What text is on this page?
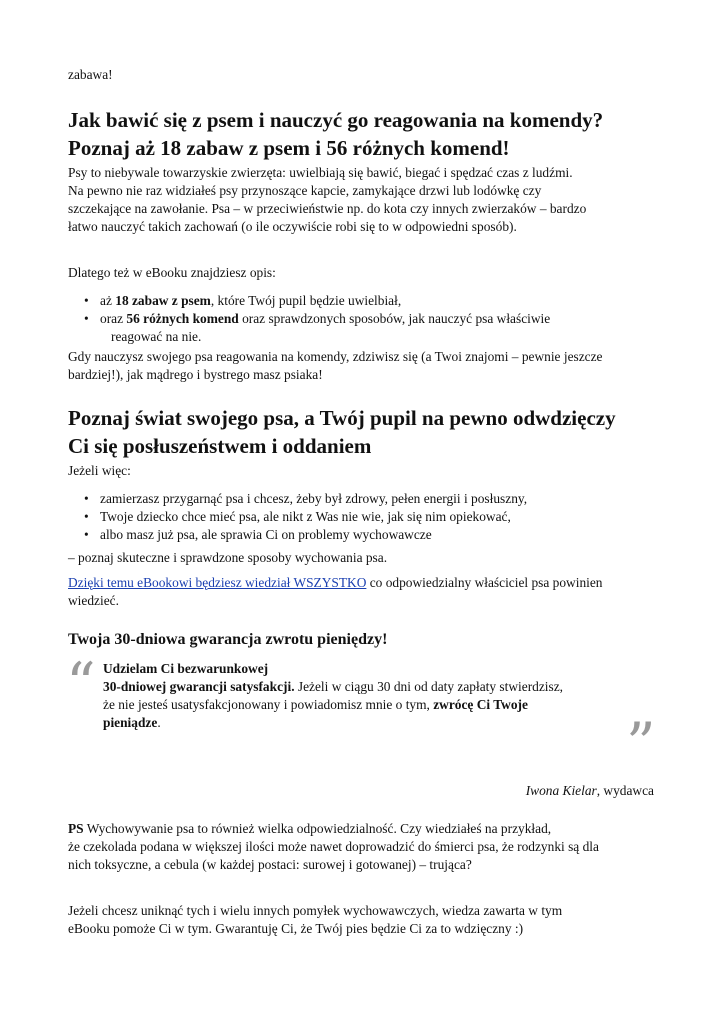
zabawa!
Jak bawić się z psem i nauczyć go reagowania na komendy?
Poznaj aż 18 zabaw z psem i 56 różnych komend!
Psy to niebywale towarzyskie zwierzęta: uwielbiają się bawić, biegać i spędzać czas z ludźmi.
Na pewno nie raz widziałeś psy przynoszące kapcie, zamykające drzwi lub lodówkę czy
szczekające na zawołanie. Psa – w przeciwieństwie np. do kota czy innych zwierzaków – bardzo
łatwo nauczyć takich zachowań (o ile oczywiście robi się to w odpowiedni sposób).
Dlatego też w eBooku znajdziesz opis:
• aż 18 zabaw z psem, które Twój pupil będzie uwielbiał,
• oraz 56 różnych komend oraz sprawdzonych sposobów, jak nauczyć psa właściwie
reagować na nie.
Gdy nauczysz swojego psa reagowania na komendy, zdziwisz się (a Twoi znajomi – pewnie jeszcze
bardziej!), jak mądrego i bystrego masz psiaka!
Poznaj świat swojego psa, a Twój pupil na pewno odwdzięczy
Ci się posłuszeństwem i oddaniem
Jeżeli więc:
• zamierzasz przygarnąć psa i chcesz, żeby był zdrowy, pełen energii i posłuszny,
• Twoje dziecko chce mieć psa, ale nikt z Was nie wie, jak się nim opiekować,
• albo masz już psa, ale sprawia Ci on problemy wychowawcze
– poznaj skuteczne i sprawdzone sposoby wychowania psa.
Dzięki temu eBookowi będziesz wiedział WSZYSTKO co odpowiedzialny właściciel psa powinien
wiedzieć.
Twoja 30-dniowa gwarancja zwrotu pieniędzy!
“ Udzielam Ci bezwarunkowej
30-dniowej gwarancji satysfakcji. Jeżeli w ciągu 30 dni od daty zapłaty stwierdzisz,
że nie jesteś usatysfakcjonowany i powiadomisz mnie o tym, zwrócę Ci Twoje
pieniądze.	”
Iwona Kielar, wydawca
PS Wychowywanie psa to również wielka odpowiedzialność. Czy wiedziałeś na przykład,
że czekolada podana w większej ilości może nawet doprowadzić do śmierci psa, że rodzynki są dla
nich toksyczne, a cebula (w każdej postaci: surowej i gotowanej) – trująca?
Jeżeli chcesz uniknąć tych i wielu innych pomyłek wychowawczych, wiedza zawarta w tym
eBooku pomoże Ci w tym. Gwarantuję Ci, że Twój pies będzie Ci za to wdzięczny :)
